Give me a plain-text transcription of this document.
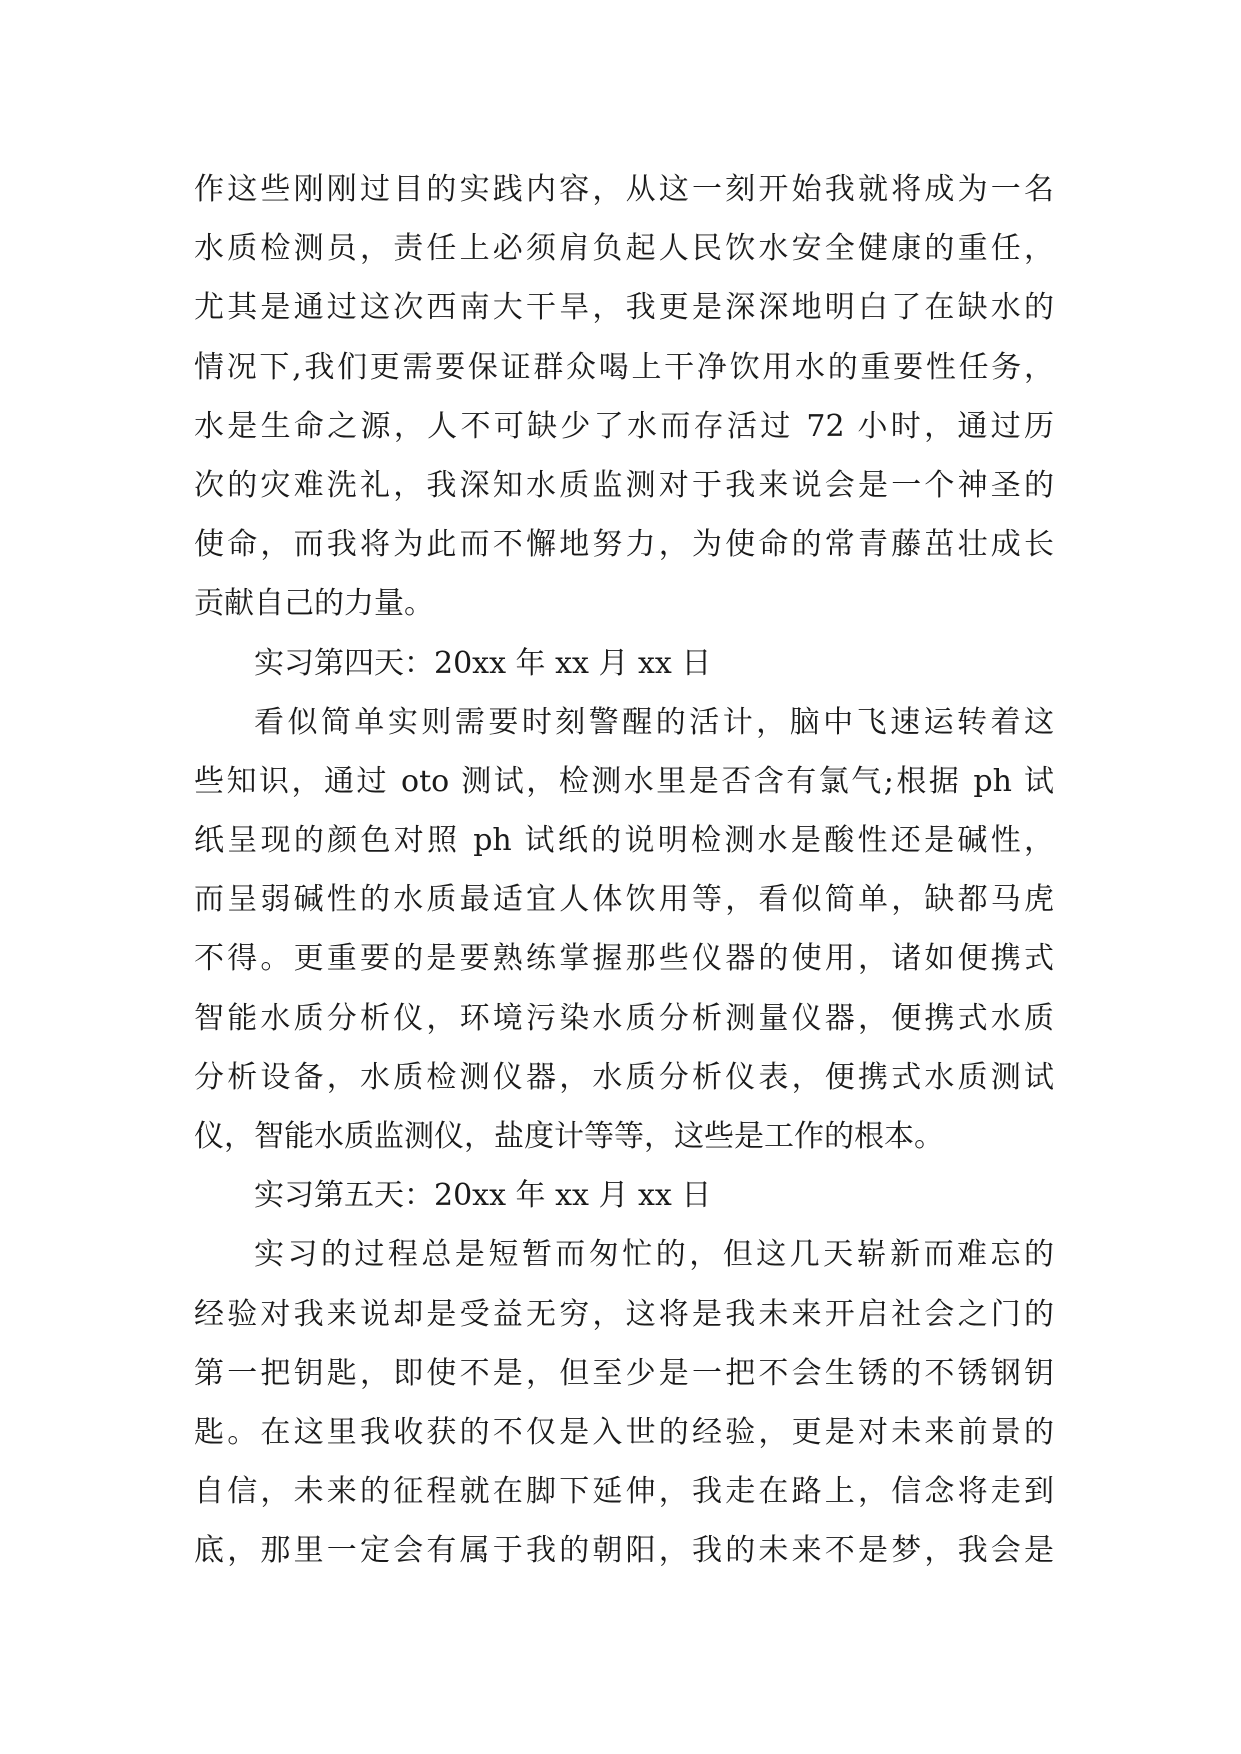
作这些刚刚过目的实践内容，从这一刻开始我就将成为一名
水质检测员，责任上必须肩负起人民饮水安全健康的重任，
尤其是通过这次西南大干旱，我更是深深地明白了在缺水的
情况下,我们更需要保证群众喝上干净饮用水的重要性任务，
水是生命之源，人不可缺少了水而存活过 72 小时，通过历
次的灾难洗礼，我深知水质监测对于我来说会是一个神圣的
使命，而我将为此而不懈地努力，为使命的常青藤茁壮成长
贡献自己的力量。
实习第四天：20xx 年 xx 月 xx 日
看似简单实则需要时刻警醒的活计，脑中飞速运转着这
些知识，通过 oto 测试，检测水里是否含有氯气;根据 ph 试
纸呈现的颜色对照 ph 试纸的说明检测水是酸性还是碱性，
而呈弱碱性的水质最适宜人体饮用等，看似简单，缺都马虎
不得。更重要的是要熟练掌握那些仪器的使用，诸如便携式
智能水质分析仪，环境污染水质分析测量仪器，便携式水质
分析设备，水质检测仪器，水质分析仪表，便携式水质测试
仪，智能水质监测仪，盐度计等等，这些是工作的根本。
实习第五天：20xx 年 xx 月 xx 日
实习的过程总是短暂而匆忙的，但这几天崭新而难忘的
经验对我来说却是受益无穷，这将是我未来开启社会之门的
第一把钥匙，即使不是，但至少是一把不会生锈的不锈钢钥
匙。在这里我收获的不仅是入世的经验，更是对未来前景的
自信，未来的征程就在脚下延伸，我走在路上，信念将走到
底，那里一定会有属于我的朝阳，我的未来不是梦，我会是
